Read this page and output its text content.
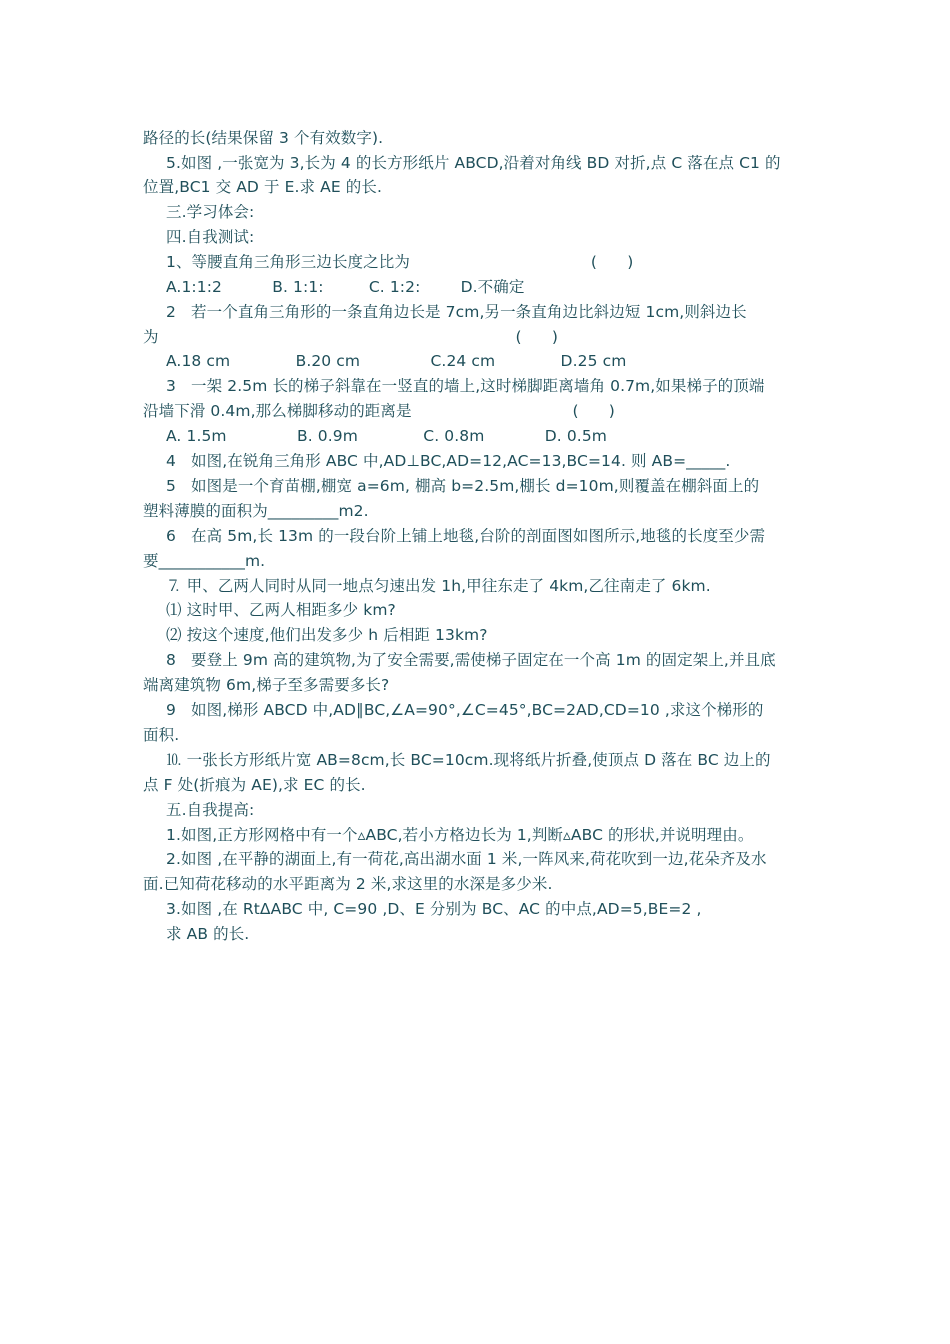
路径的长(结果保留 3 个有效数字).
5.如图 ,一张宽为 3,长为 4 的长方形纸片 ABCD,沿着对角线 BD 对折,点 C 落在点 C1 的
位置,BC1 交 AD 于 E.求 AE 的长.
三.学习体会:
四.自我测试:
1、等腰直角三角形三边长度之比为                                    (      )
A.1:1:2          B. 1:1:         C. 1:2:        D.不确定
2   若一个直角三角形的一条直角边长是 7cm,另一条直角边比斜边短 1cm,则斜边长
为                                                                       (      )
A.18 cm             B.20 cm              C.24 cm             D.25 cm
3   一架 2.5m 长的梯子斜靠在一竖直的墙上,这时梯脚距离墙角 0.7m,如果梯子的顶端
沿墙下滑 0.4m,那么梯脚移动的距离是                                (      )
A. 1.5m              B. 0.9m             C. 0.8m            D. 0.5m
4   如图,在锐角三角形 ABC 中,AD⊥BC,AD=12,AC=13,BC=14. 则 AB=_____.
5   如图是一个育苗棚,棚宽 a=6m, 棚高 b=2.5m,棚长 d=10m,则覆盖在棚斜面上的
塑料薄膜的面积为_________m2.
6   在高 5m,长 13m 的一段台阶上铺上地毯,台阶的剖面图如图所示,地毯的长度至少需
要___________m.
⒎ 甲、乙两人同时从同一地点匀速出发 1h,甲往东走了 4km,乙往南走了 6km.
⑴ 这时甲、乙两人相距多少 km?
⑵ 按这个速度,他们出发多少 h 后相距 13km?
8   要登上 9m 高的建筑物,为了安全需要,需使梯子固定在一个高 1m 的固定架上,并且底
端离建筑物 6m,梯子至多需要多长?
9   如图,梯形 ABCD 中,AD∥BC,∠A=90°,∠C=45°,BC=2AD,CD=10 ,求这个梯形的
面积.
⒑ 一张长方形纸片宽 AB=8cm,长 BC=10cm.现将纸片折叠,使顶点 D 落在 BC 边上的
点 F 处(折痕为 AE),求 EC 的长.
五.自我提高:
1.如图,正方形网格中有一个▵ABC,若小方格边长为 1,判断▵ABC 的形状,并说明理由。
2.如图 ,在平静的湖面上,有一荷花,高出湖水面 1 米,一阵风来,荷花吹到一边,花朵齐及水
面.已知荷花移动的水平距离为 2 米,求这里的水深是多少米.
3.如图 ,在 RtΔABC 中, C=90 ,D、E 分别为 BC、AC 的中点,AD=5,BE=2 ,
求 AB 的长.
